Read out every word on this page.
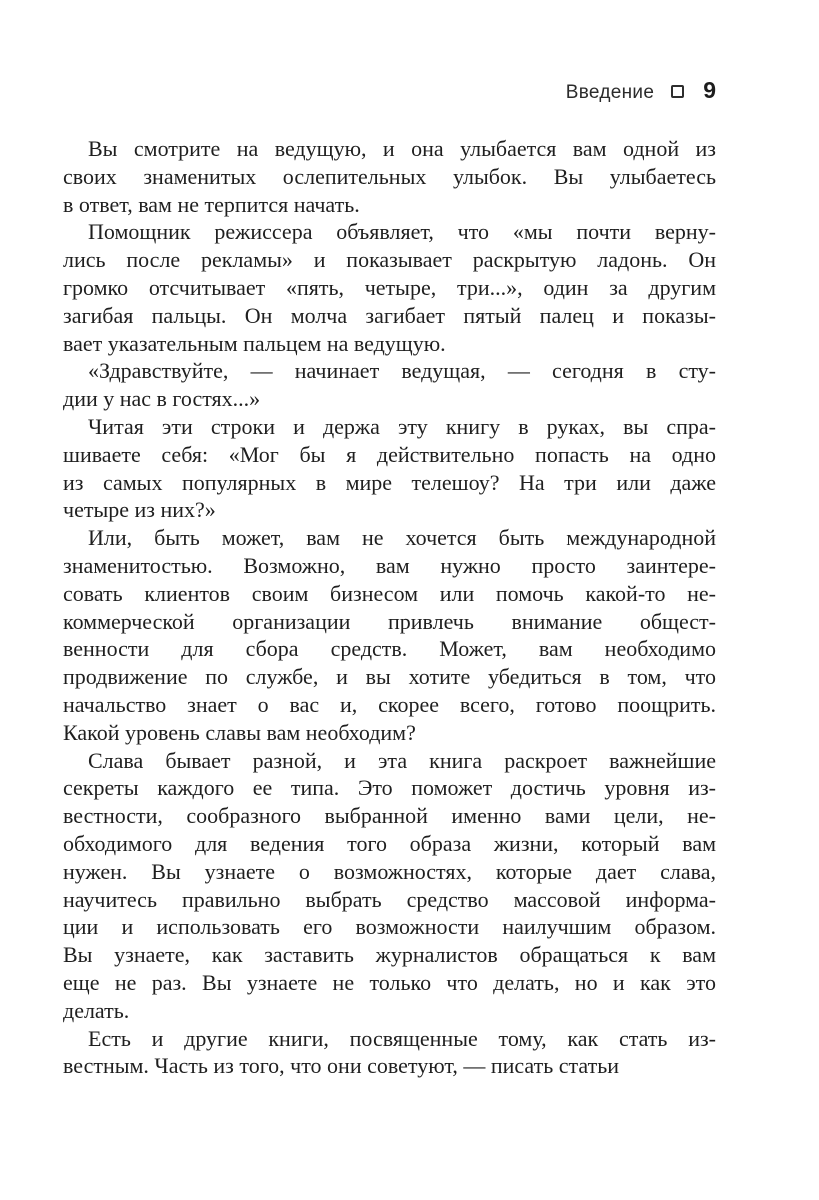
Введение 9

Вы смотрите на ведущую, и она улыбается вам одной из
своих знаменитых ослепительных улыбок. Вы улыбаетесь
в ответ, вам не терпится начать.

Помощник режиссера объявляет, что «мы почти верну-
лись после рекламы» и показывает раскрытую ладонь. Он
громко отсчитывает «пять, четыре, три...», один за другим
загибая пальцы. Он молча загибает пятый палец и показы-
вает указательным пальцем на ведущую.

«Здравствуйте, — начинает ведущая, — сегодня в сту-
дии у нас в гостях...»

Читая эти строки и держа эту книгу в руках, вы спра-
шиваете себя: «Мог бы я действительно попасть на одно
из самых популярных в мире телешоу? На три или даже
четыре из них?»

Или, быть может, вам не хочется быть международной
знаменитостью. Возможно, вам нужно просто заинтере-
совать клиентов своим бизнесом или помочь какой-то не-
коммерческой организации привлечь внимание общест-
венности для сбора средств. Может, вам необходимо
продвижение по службе, и вы хотите убедиться в том, что
начальство знает о вас и, скорее всего, готово поощрить.
Какой уровень славы вам необходим?

Слава бывает разной, и эта книга раскроет важнейшие
секреты каждого ее типа. Это поможет достичь уровня из-
вестности, сообразного выбранной именно вами цели, не-
обходимого для ведения того образа жизни, который вам
нужен. Вы узнаете о возможностях, которые дает слава,
научитесь правильно выбрать средство массовой информа-
ции и использовать его возможности наилучшим образом.
Вы узнаете, как заставить журналистов обращаться к вам
еще не раз. Вы узнаете не только что делать, но и как это
делать.

Есть и другие книги, посвященные тому, как стать из-
вестным. Часть из того, что они советуют, — писать статьи
